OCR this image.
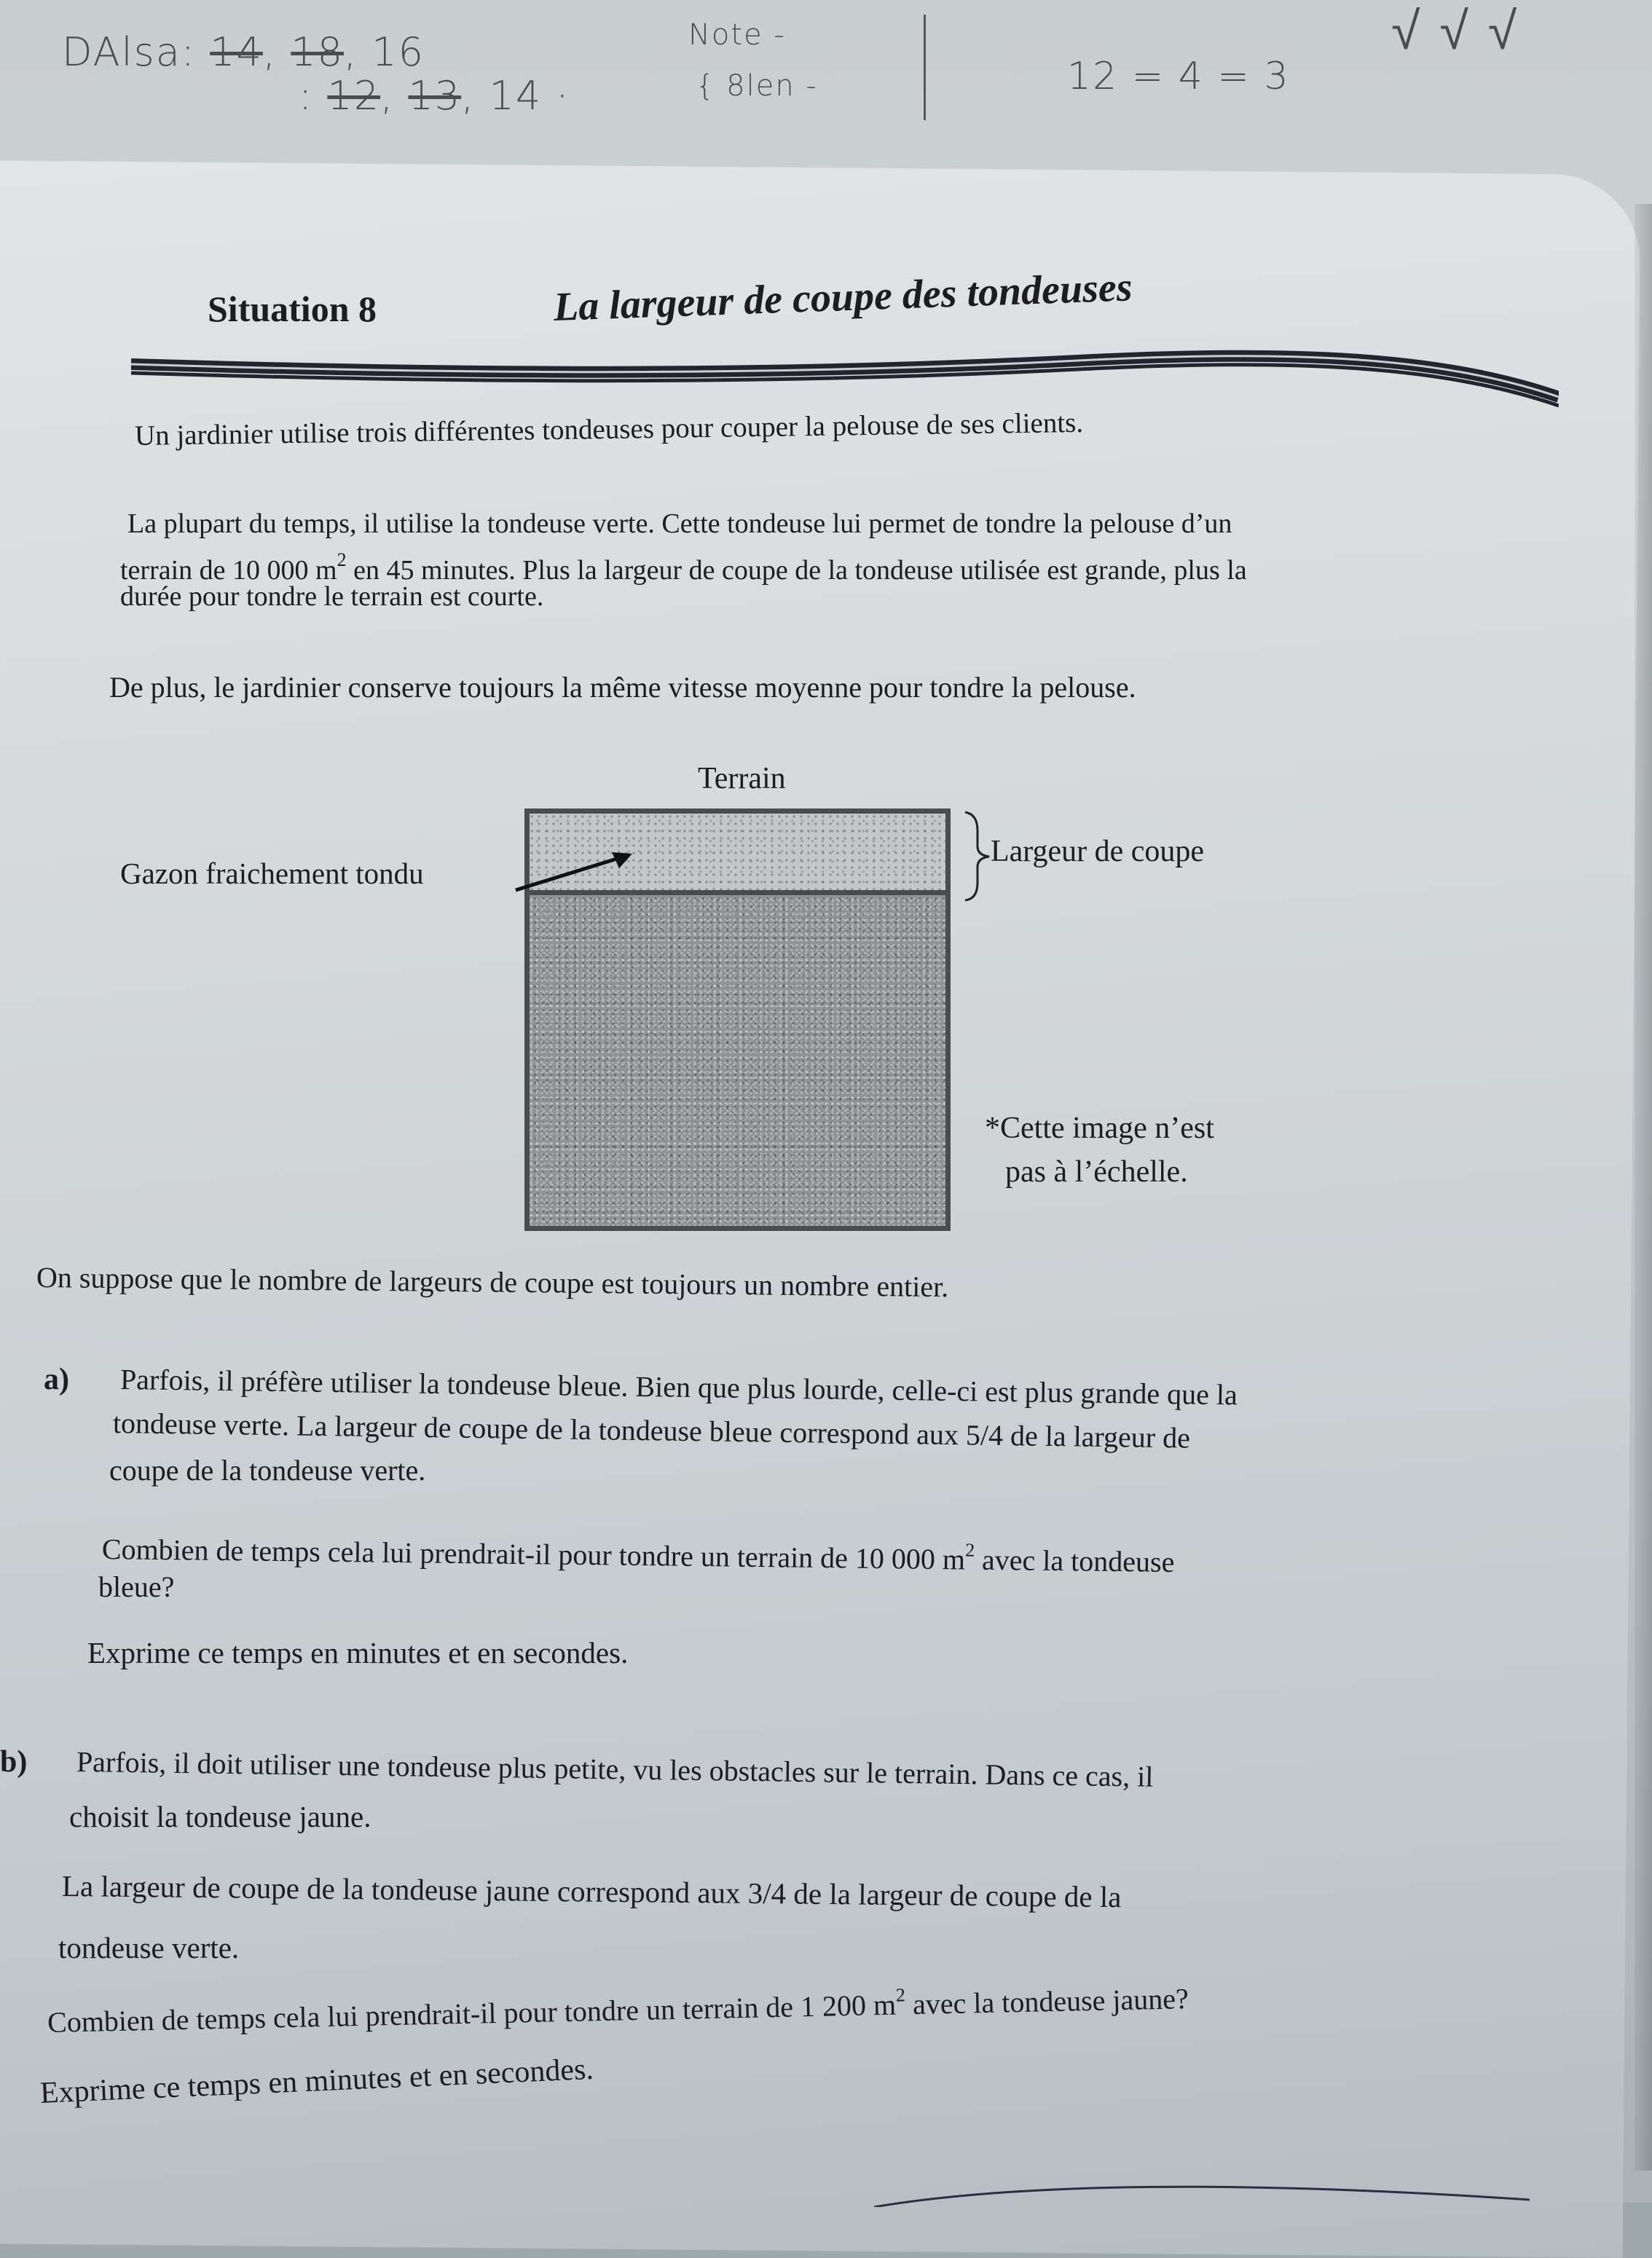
DAlsa: 14, 18, 16
: 12, 13, 14 ·
Note -
{ 8len -	12 = 4 = 3
√ √ √
Situation 8	La largeur de coupe des tondeuses
Un jardinier utilise trois différentes tondeuses pour couper la pelouse de ses clients.
La plupart du temps, il utilise la tondeuse verte. Cette tondeuse lui permet de tondre la pelouse d’un
terrain de 10 000 $m^2$ en 45 minutes. Plus la largeur de coupe de la tondeuse utilisée est grande, plus la
durée pour tondre le terrain est courte.
De plus, le jardinier conserve toujours la même vitesse moyenne pour tondre la pelouse.
Terrain
Gazon fraichement tondu
Largeur de coupe
*Cette image n’est
pas à l’échelle.
On suppose que le nombre de largeurs de coupe est toujours un nombre entier.
a) Parfois, il préfère utiliser la tondeuse bleue. Bien que plus lourde, celle-ci est plus grande que la
tondeuse verte. La largeur de coupe de la tondeuse bleue correspond aux 5/4 de la largeur de
coupe de la tondeuse verte.
Combien de temps cela lui prendrait-il pour tondre un terrain de 10 000 $m^2$ avec la tondeuse
bleue?
Exprime ce temps en minutes et en secondes.
b) Parfois, il doit utiliser une tondeuse plus petite, vu les obstacles sur le terrain. Dans ce cas, il
choisit la tondeuse jaune.
La largeur de coupe de la tondeuse jaune correspond aux 3/4 de la largeur de coupe de la
tondeuse verte.
Combien de temps cela lui prendrait-il pour tondre un terrain de 1 200 $m^2$ avec la tondeuse jaune?
Exprime ce temps en minutes et en secondes.
